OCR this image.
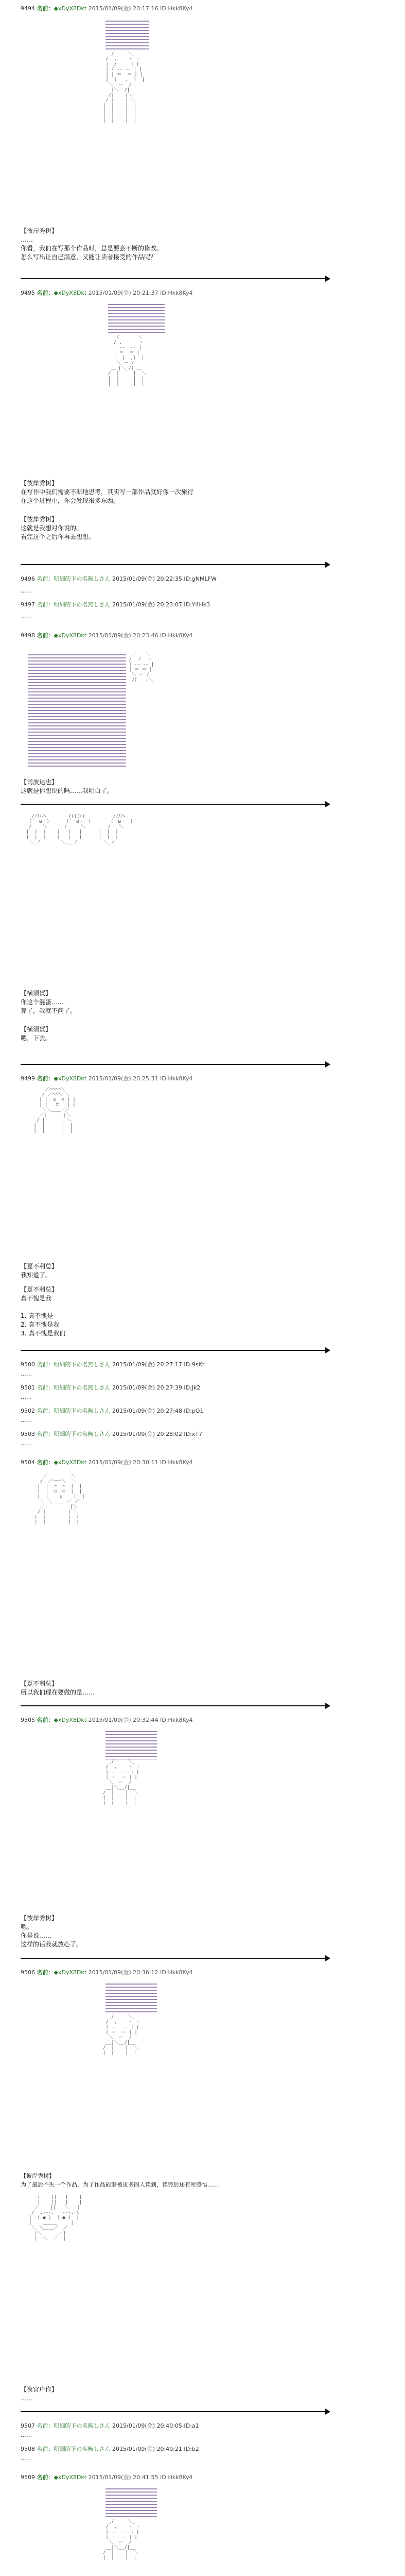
9494 名前：◆xDyX8Dkt 2015/01/09(金) 20:17:16 ID:Hkk8Ky4
_/￣￣￣＼_
/  ,    ヽ ヽ
|  /     | |
| / -‐ -‐ | |
| | ＝  ＝ | |
|  (   ,  )  |
＼  ー  /
|＼__/|
/|    |＼
/ |    | ＼
|  |    |  |
|  |    |  |
|  |    |  |
|  |    |  |
【彼岸秀树】
……
你看，我们在写那个作品时，总是要会不断的修改。
怎么写出让自己满意，又能让读者接受的作品呢？
9495 名前：◆xDyX8Dkt 2015/01/09(金) 20:21:37 ID:Hkk8Ky4
/￣￣￣￣＼
/ ,      ヽ
| -‐  -‐ |
| ＝  ＝ |
|  (  ,)  |
＼ ー /
＿_|＼_/|_＿
/  |     |  ＼
|  |     |  |
|  |     |  |
【彼岸秀树】
在写作中我们需要不断地思考，其实写一部作品就好像一次旅行
在这个过程中，你会发现很多东西。
【彼岸秀树】
这就是我想对你说的。
看完这个之后你再去想想。
9496 名前：明細的下の名無しさん 2015/01/09(金) 20:22:35 ID:gNMLFW
……
9497 名前：明細的下の名無しさん 2015/01/09(金) 20:23:07 ID:Y4Hk3
……
9498 名前：◆xDyX8Dkt 2015/01/09(金) 20:23:46 ID:Hkk8Ky4
／￣￣＼
/  ノ  ヽ
| -‐ -‐ |
| ＝ ＝ |
＼ ー /
/|   |＼
【司波达也】
这就是你想说的吗……我明白了。
/ﾉﾉﾉﾉﾍ        ((((((          /ﾉﾉﾉﾍ
(´・ω・)      (´・ω・｀)       (・ω・｀)
/    ＼      /     ＼        /   ＼
|  |  |    |   |   |      |  |  |
|  |  |    |   |   |      |  |  |
＼_ノ       ＼___ノ         ＼_ノ
【横須賀】
你这个混蛋……
算了，我就不问了。
【横須賀】
嗯，下去。
9499 名前：◆xDyX8Dkt 2015/01/09(金) 20:25:31 ID:Hkk8Ky4
／⌒⌒⌒⌒＼
/ ／⌒⌒＼ ＼
| |  ◎  ◎ | |
| |   ∀   | |
＼＼＿＿／／
／|      |＼
/ |      | ＼
|  |      |  |
|  |      |  |
【夏不利总】
我知道了。
【夏不利总】
真不愧是我

1. 真不愧是
2. 真不愧是我
3. 真不愧是我们
9500 名前：明細的下の名無しさん 2015/01/09(金) 20:27:17 ID:9sKr
……
9501 名前：明細的下の名無しさん 2015/01/09(金) 20:27:39 ID:Jk2
……
9502 名前：明細的下の名無しさん 2015/01/09(金) 20:27:48 ID:pQ1
……
9503 名前：明細的下の名無しさん 2015/01/09(金) 20:28:02 ID:xT7
……
9504 名前：◆xDyX8Dkt 2015/01/09(金) 20:30:11 ID:Hkk8Ky4
／￣￣￣￣￣＼
/  ／⌒⌒⌒＼  ＼
|  |  ─  ─  |  |
|  |  ○  ○  |  |
|  |    ∪    |  |
＼ ＼ ＿＿ ／ ／
／|        |＼
/ |        | ＼
|  |        |  |
|  |        |  |
【夏不利总】
所以我们现在要做的是……
9505 名前：◆xDyX8Dkt 2015/01/09(金) 20:32:44 ID:Hkk8Ky4
_/￣￣￣＼_
/  ,    ヽ ヽ
| -‐  -‐ | |
| ＝  ＝ | |
＼  ー  /
__|＼__/|__
/  |    |  ＼
|  |    |  |
|  |    |  |
【彼岸秀树】
嗯。
你是说……
这样的话我就放心了。
9506 名前：◆xDyX8Dkt 2015/01/09(金) 20:36:12 ID:Hkk8Ky4
_/￣￣￣＼_
/  ,    ヽ ヽ
| -‐  -‐ | |
| ＝  ＝ | |
＼  ー  /
__|＼__/|__
/  |    |  ＼
|  |    |  |
【彼岸秀树】
为了最后不失一个作品，为了作品能够被更多的人读到，读完后还有所感悟……
|    ||   |    |
|    ||   |    |
／    ||   ＼   |
/  ,-‐-,  ,-‐-, \
|  ( ● )  ( ● )  |
|    ＿＿＿     |
＼ ＼＿＿／  ／
|＼      ／|
|  ＼  ／  |
【夜宫户作】
……
9507 名前：明細的下の名無しさん 2015/01/09(金) 20:40:05 ID:a1
……
9508 名前：明細的下の名無しさん 2015/01/09(金) 20:40:21 ID:b2
……
9509 名前：◆xDyX8Dkt 2015/01/09(金) 20:41:55 ID:Hkk8Ky4
_/￣￣￣＼_
/  ,    ヽ ヽ
| -‐  -‐ | |
| ＝  ＝ | |
＼  ー  /
__|＼__/|__
/  |    |  ＼
|  |    |  |
